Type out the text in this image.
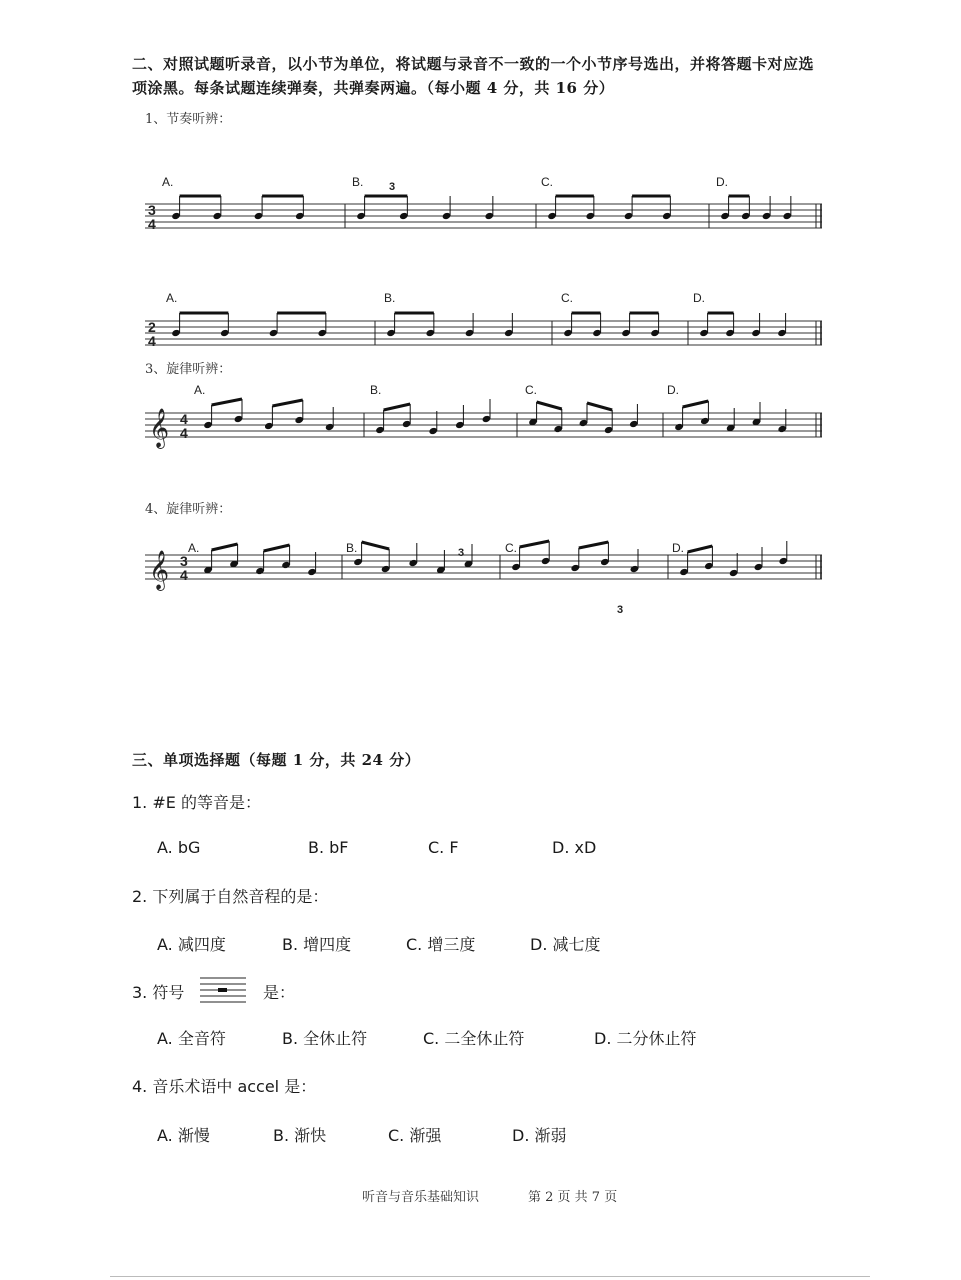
二、对照试题听录音，以小节为单位，将试题与录音不一致的一个小节序号选出，并将答题卡对应选
项涂黑。每条试题连续弹奏，共弹奏两遍。（每小题 4 分，共 16 分）
1、节奏听辨：
3、旋律听辨：
4、旋律听辨：
3
4
A.	B.	C.	D.
2
4
A.	B.	C.	D.
𝄞 4
4
A.	B.	C.	D.
𝄞 3
4
A.	B.	C.	D.
3
3
3
三、单项选择题（每题 1 分，共 24 分）
1. #E 的等音是：
A. bG	B. bF	C. F	D. xD
2. 下列属于自然音程的是：
A. 减四度	B. 增四度	C. 增三度	D. 减七度
3. 符号	是：
A. 全音符	B. 全休止符	C. 二全休止符	D. 二分休止符
4. 音乐术语中 accel 是：
A. 渐慢	B. 渐快	C. 渐强	D. 渐弱
听音与音乐基础知识	第 2 页 共 7 页
